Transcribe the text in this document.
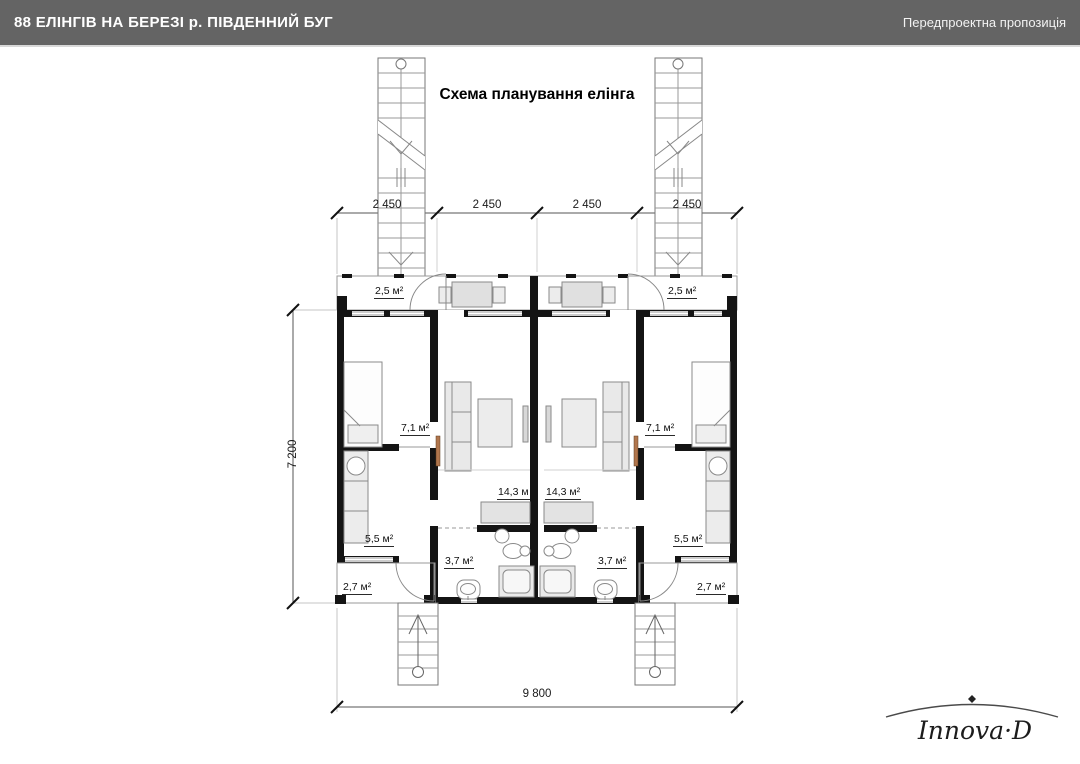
88 ЕЛІНГІВ НА БЕРЕЗІ р. ПІВДЕННИЙ БУГ	Передпроектна пропозиція
Схема планування елінга
2 450	2 450	2 450	2 450
7 200
9 800
2,5 м²	2,5 м²
7,1 м²	7,1 м²
14,3 м 14,3 м²
5,5 м²	5,5 м²
3,7 м²	3,7 м²
2,7 м²	2,7 м²
Innova·D
